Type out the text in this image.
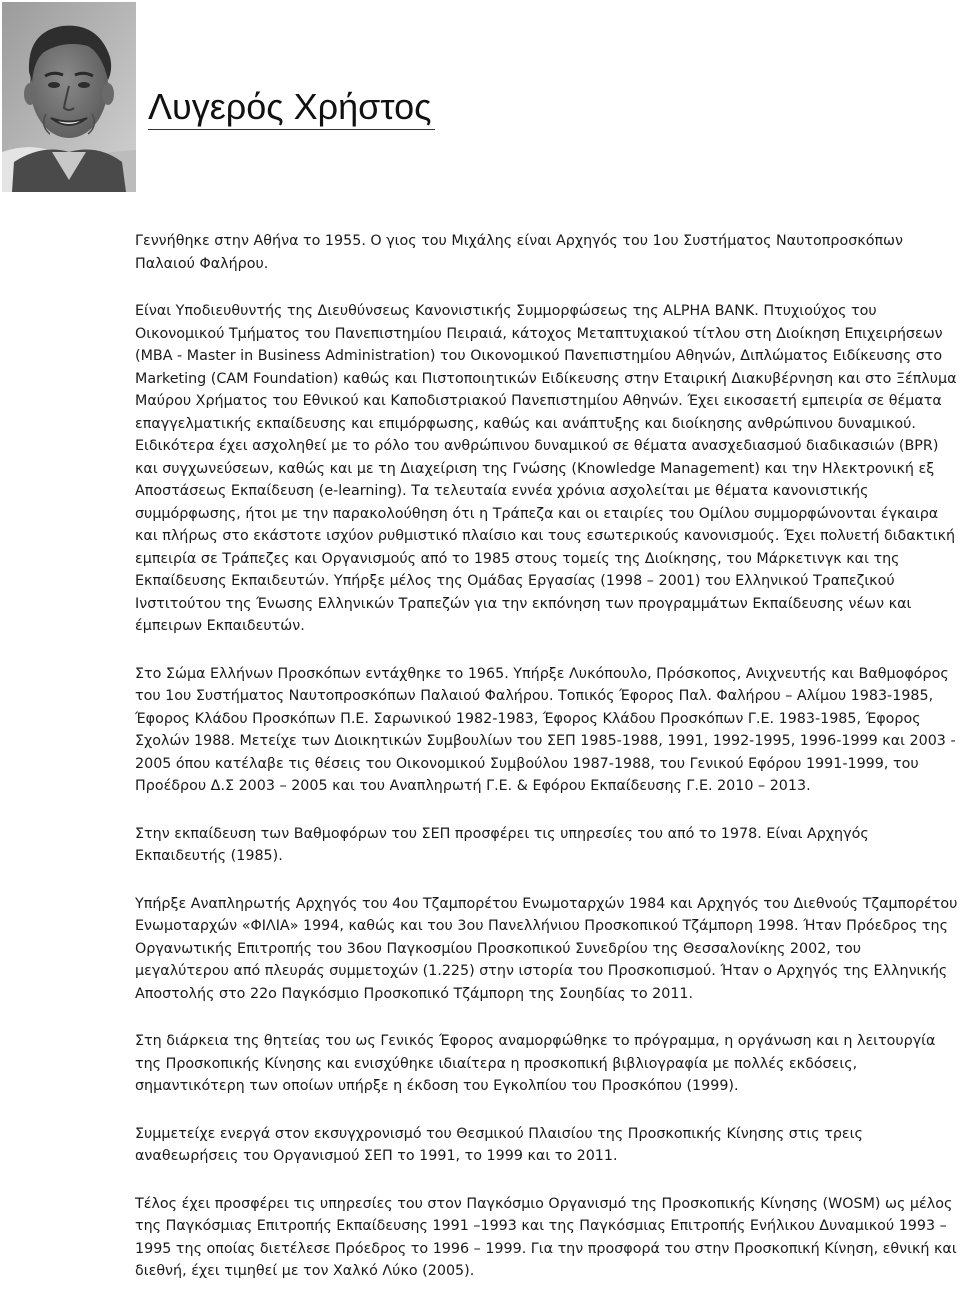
Λυγερός Χρήστος

Γεννήθηκε στην Αθήνα το 1955. Ο γιος του Μιχάλης είναι Αρχηγός του 1ου Συστήματος Ναυτοπροσκόπων Παλαιού Φαλήρου.

Είναι Υποδιευθυντής της Διευθύνσεως Κανονιστικής Συμμορφώσεως της ALPHA BANK. Πτυχιούχος του Οικονομικού Τμήματος του Πανεπιστημίου Πειραιά, κάτοχος Μεταπτυχιακού τίτλου στη Διοίκηση Επιχειρήσεων (MBA - Master in Business Administration) του Οικονομικού Πανεπιστημίου Αθηνών, Διπλώματος Ειδίκευσης στο Marketing (CAM Foundation) καθώς και Πιστοποιητικών Ειδίκευσης στην Εταιρική Διακυβέρνηση και στο Ξέπλυμα Μαύρου Χρήματος του Εθνικού και Καποδιστριακού Πανεπιστημίου Αθηνών. Έχει εικοσαετή εμπειρία σε θέματα επαγγελματικής εκπαίδευσης και επιμόρφωσης, καθώς και ανάπτυξης και διοίκησης ανθρώπινου δυναμικού. Ειδικότερα έχει ασχοληθεί με το ρόλο του ανθρώπινου δυναμικού σε θέματα ανασχεδιασμού διαδικασιών (BPR) και συγχωνεύσεων, καθώς και με τη Διαχείριση της Γνώσης (Knowledge Management) και την Ηλεκτρονική εξ Αποστάσεως Εκπαίδευση (e-learning). Τα τελευταία εννέα χρόνια ασχολείται με θέματα κανονιστικής συμμόρφωσης, ήτοι με την παρακολούθηση ότι η Τράπεζα και οι εταιρίες του Ομίλου συμμορφώνονται έγκαιρα και πλήρως στο εκάστοτε ισχύον ρυθμιστικό πλαίσιο και τους εσωτερικούς κανονισμούς. Έχει πολυετή διδακτική εμπειρία σε Τράπεζες και Οργανισμούς από το 1985 στους τομείς της Διοίκησης, του Μάρκετινγκ και της Εκπαίδευσης Εκπαιδευτών. Υπήρξε μέλος της Ομάδας Εργασίας (1998 – 2001) του Ελληνικού Τραπεζικού Ινστιτούτου της Ένωσης Ελληνικών Τραπεζών για την εκπόνηση των προγραμμάτων Εκπαίδευσης νέων και έμπειρων Εκπαιδευτών.

Στο Σώμα Ελλήνων Προσκόπων εντάχθηκε το 1965. Υπήρξε Λυκόπουλο, Πρόσκοπος, Ανιχνευτής και Βαθμοφόρος του 1ου Συστήματος Ναυτοπροσκόπων Παλαιού Φαλήρου. Τοπικός Έφορος Παλ. Φαλήρου – Αλίμου 1983-1985, Έφορος Κλάδου Προσκόπων Π.Ε. Σαρωνικού 1982-1983, Έφορος Κλάδου Προσκόπων Γ.Ε. 1983-1985, Έφορος Σχολών 1988. Μετείχε των Διοικητικών Συμβουλίων του ΣΕΠ 1985-1988, 1991, 1992-1995, 1996-1999 και 2003 - 2005 όπου κατέλαβε τις θέσεις του Οικονομικού Συμβούλου 1987-1988, του Γενικού Εφόρου 1991-1999, του Προέδρου Δ.Σ 2003 – 2005 και του Αναπληρωτή Γ.Ε. & Εφόρου Εκπαίδευσης Γ.Ε. 2010 – 2013.

Στην εκπαίδευση των Βαθμοφόρων του ΣΕΠ προσφέρει τις υπηρεσίες του από το 1978. Είναι Αρχηγός Εκπαιδευτής (1985).

Υπήρξε Αναπληρωτής Αρχηγός του 4ου Τζαμπορέτου Ενωμοταρχών 1984 και Αρχηγός του Διεθνούς Τζαμπορέτου Ενωμοταρχών «ΦΙΛΙΑ» 1994, καθώς και του 3ου Πανελλήνιου Προσκοπικού Τζάμπορη 1998. Ήταν Πρόεδρος της Οργανωτικής Επιτροπής του 36ου Παγκοσμίου Προσκοπικού Συνεδρίου της Θεσσαλονίκης 2002, του μεγαλύτερου από πλευράς συμμετοχών (1.225) στην ιστορία του Προσκοπισμού. Ήταν ο Αρχηγός της Ελληνικής Αποστολής στο 22ο Παγκόσμιο Προσκοπικό Τζάμπορη της Σουηδίας το 2011.

Στη διάρκεια της θητείας του ως Γενικός Έφορος αναμορφώθηκε το πρόγραμμα, η οργάνωση και η λειτουργία της Προσκοπικής Κίνησης και ενισχύθηκε ιδιαίτερα η προσκοπική βιβλιογραφία με πολλές εκδόσεις, σημαντικότερη των οποίων υπήρξε η έκδοση του Εγκολπίου του Προσκόπου (1999).

Συμμετείχε ενεργά στον εκσυγχρονισμό του Θεσμικού Πλαισίου της Προσκοπικής Κίνησης στις τρεις αναθεωρήσεις του Οργανισμού ΣΕΠ το 1991, το 1999 και το 2011.

Τέλος έχει προσφέρει τις υπηρεσίες του στον Παγκόσμιο Οργανισμό της Προσκοπικής Κίνησης (WOSM) ως μέλος της Παγκόσμιας Επιτροπής Εκπαίδευσης 1991 –1993 και της Παγκόσμιας Επιτροπής Ενήλικου Δυναμικού 1993 – 1995 της οποίας διετέλεσε Πρόεδρος το 1996 – 1999. Για την προσφορά του στην Προσκοπική Κίνηση, εθνική και διεθνή, έχει τιμηθεί με τον Χαλκό Λύκο (2005).
